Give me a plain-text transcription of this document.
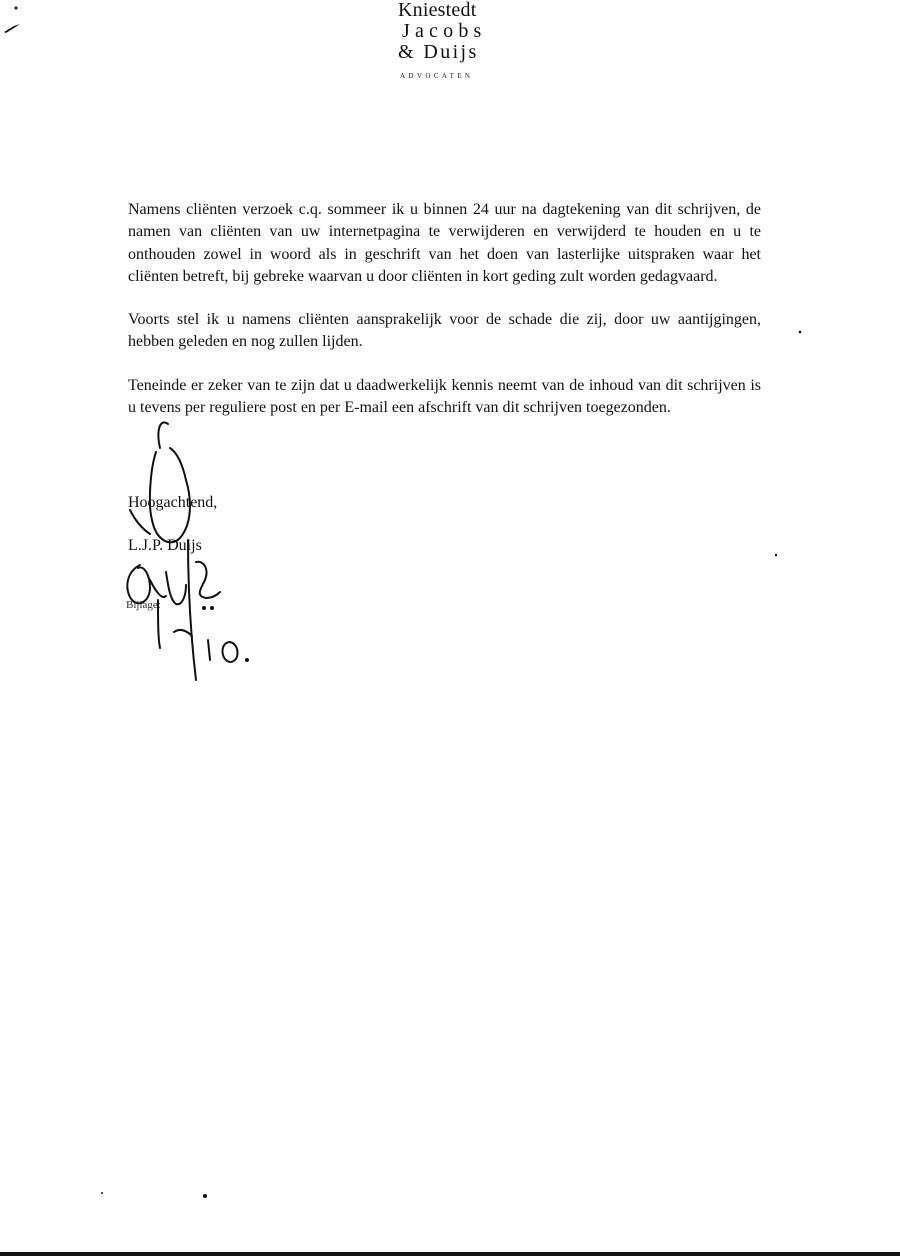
Kniestedt
Jacobs
& Duijs
ADVOCATEN

Namens cliënten verzoek c.q. sommeer ik u binnen 24 uur na dagtekening van dit schrijven, de namen van cliënten van uw internetpagina te verwijderen en verwijderd te houden en u te onthouden zowel in woord als in geschrift van het doen van lasterlijke uitspraken waar het cliënten betreft, bij gebreke waarvan u door cliënten in kort geding zult worden gedagvaard.

Voorts stel ik u namens cliënten aansprakelijk voor de schade die zij, door uw aantijgingen, hebben geleden en nog zullen lijden.

Teneinde er zeker van te zijn dat u daadwerkelijk kennis neemt van de inhoud van dit schrijven is u tevens per reguliere post en per E-mail een afschrift van dit schrijven toegezonden.

Hoogachtend,
L.J.P. Duijs
Bijlage:
